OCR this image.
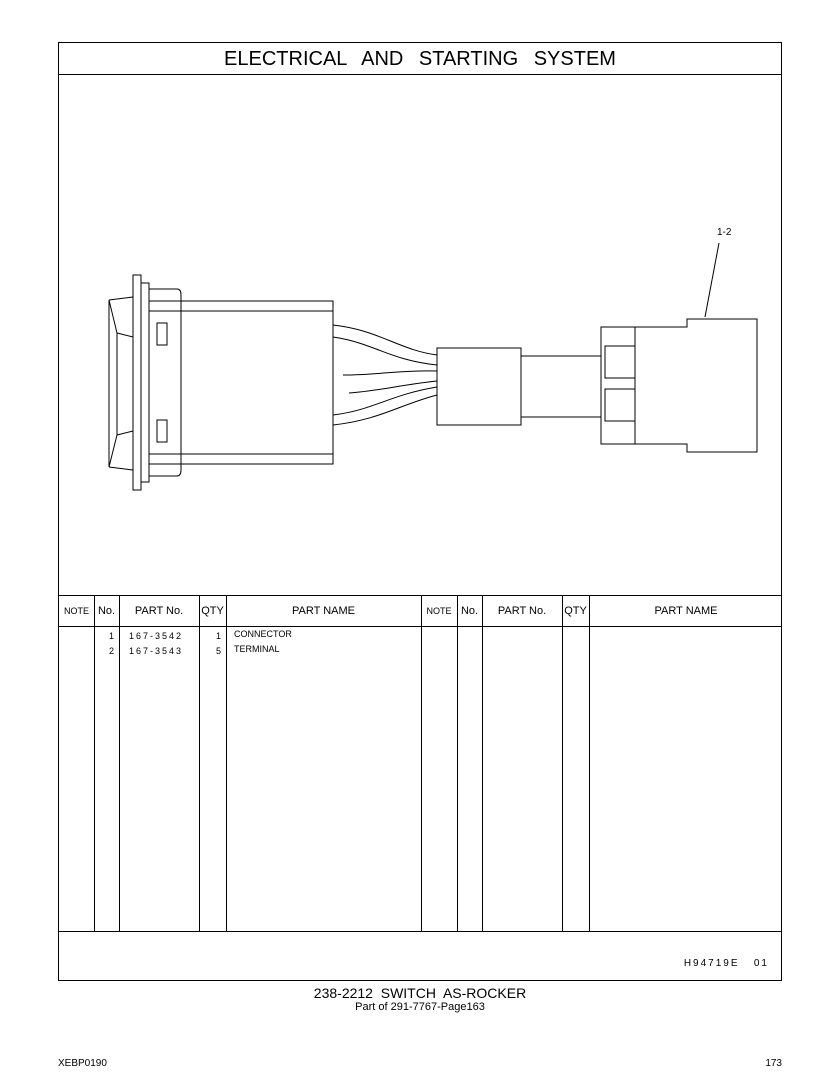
ELECTRICAL AND STARTING SYSTEM
1-2
NOTE No.	PART No.	QTY	PART NAME	NOTE No.	PART No.	QTY	PART NAME
1 167-3542	1 CONNECTOR
2 167-3543	5 TERMINAL
H94719E   01
238-2212  SWITCH  AS-ROCKER
Part of 291-7767-Page163
XEBP0190	173
